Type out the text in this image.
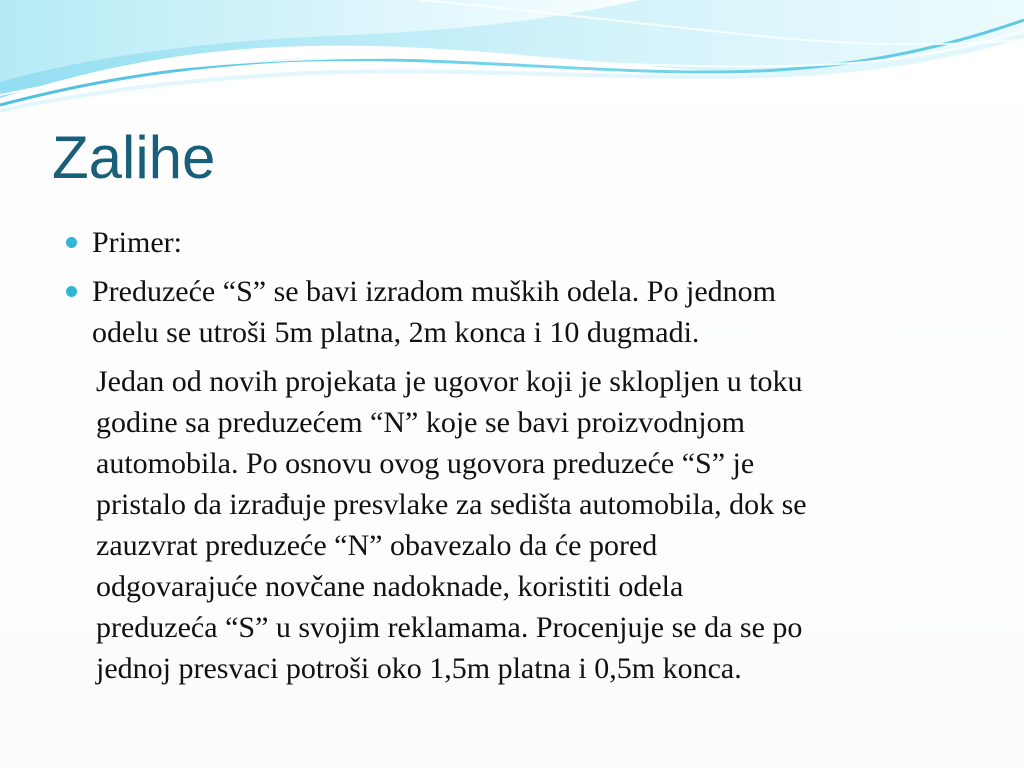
Zalihe
Primer:
Preduzeće “S” se bavi izradom muških odela. Po jednom
odelu se utroši 5m platna, 2m konca i 10 dugmadi.
Jedan od novih projekata je ugovor koji je sklopljen u toku
godine sa preduzećem “N” koje se bavi proizvodnjom
automobila. Po osnovu ovog ugovora preduzeće “S” je
pristalo da izrađuje presvlake za sedišta automobila, dok se
zauzvrat preduzeće “N” obavezalo da će pored
odgovarajuće novčane nadoknade, koristiti odela
preduzeća “S” u svojim reklamama. Procenjuje se da se po
jednoj presvaci potroši oko 1,5m platna i 0,5m konca.
